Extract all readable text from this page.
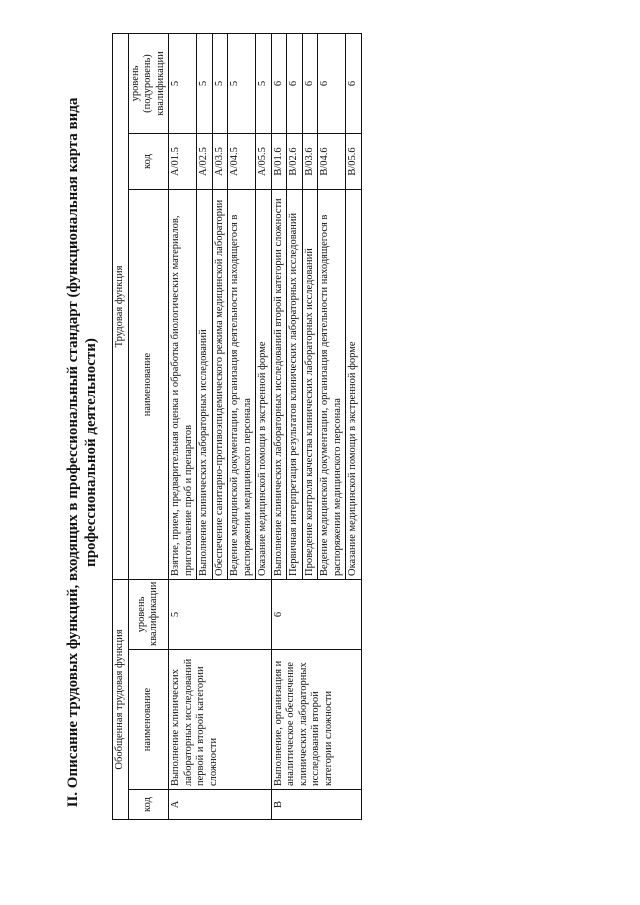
II. Описание трудовых функций, входящих в профессиональный стандарт (функциональная карта вида профессиональной деятельности)
Обобщенная трудовая функция			Трудовая функция		
код	наименование	уровень квалификации	наименование	код	уровень (подуровень) квалификации
A	Выполнение клинических лабораторных исследований первой и второй категории сложности	5	Взятие, прием, предварительная оценка и обработка биологических материалов, приготовление проб и препаратов	A/01.5	5
			Выполнение клинических лабораторных исследований	A/02.5	5
			Обеспечение санитарно-противоэпидемического режима медицинской лаборатории	A/03.5	5
			Ведение медицинской документации, организация деятельности находящегося в распоряжении медицинского персонала	A/04.5	5
			Оказание медицинской помощи в экстренной форме	A/05.5	5
B	Выполнение, организация и аналитическое обеспечение клинических лабораторных исследований второй категории сложности	6	Выполнение клинических лабораторных исследований второй категории сложности	B/01.6	6
			Первичная интерпретация результатов клинических лабораторных исследований	B/02.6	6
			Проведение контроля качества клинических лабораторных исследований	B/03.6	6
			Ведение медицинской документации, организация деятельности находящегося в распоряжении медицинского персонала	B/04.6	6
			Оказание медицинской помощи в экстренной форме	B/05.6	6
